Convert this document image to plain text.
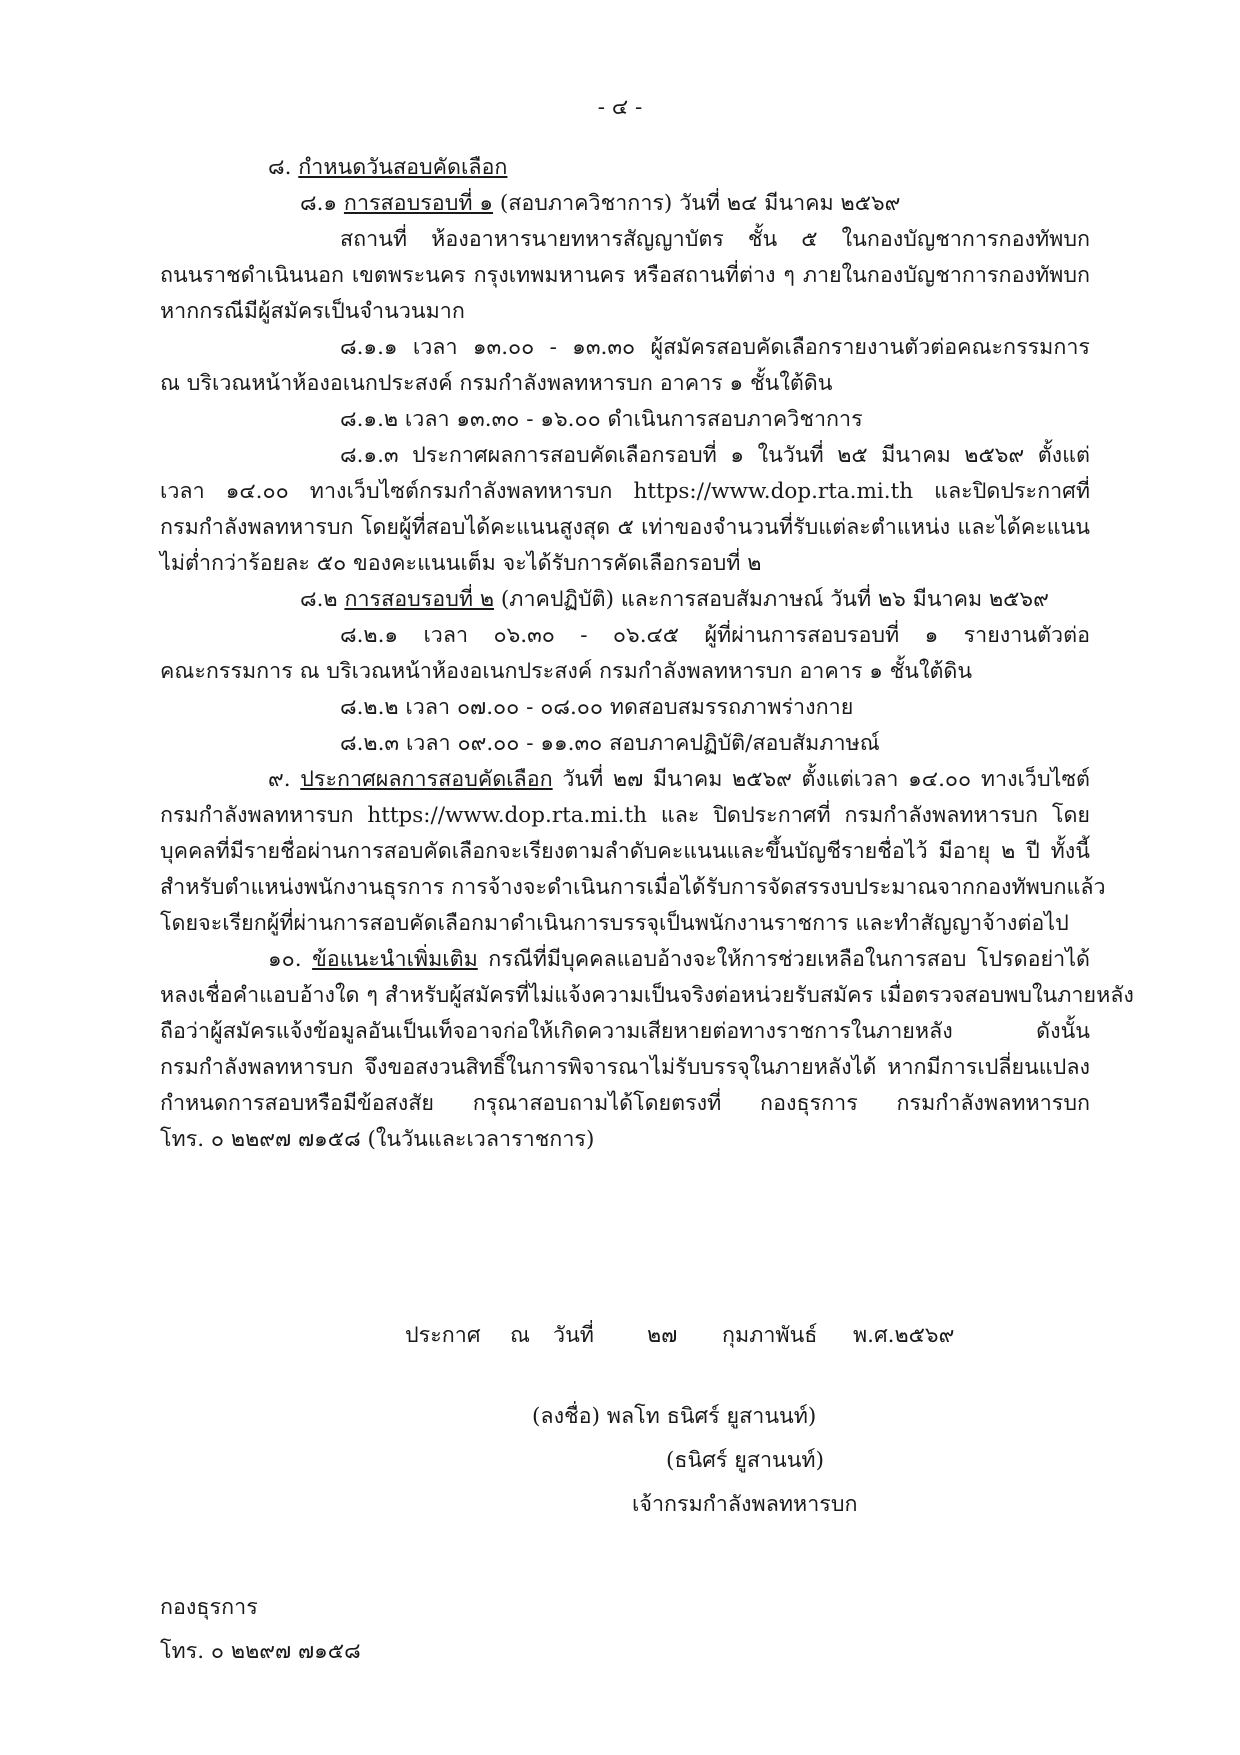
- ๔ -
๘. กำหนดวันสอบคัดเลือก
๘.๑ การสอบรอบที่ ๑ (สอบภาควิชาการ) วันที่ ๒๔ มีนาคม ๒๕๖๙
สถานที่ ห้องอาหารนายทหารสัญญาบัตร ชั้น ๕ ในกองบัญชาการกองทัพบก
ถนนราชดำเนินนอก เขตพระนคร กรุงเทพมหานคร หรือสถานที่ต่าง ๆ ภายในกองบัญชาการกองทัพบก
หากกรณีมีผู้สมัครเป็นจำนวนมาก
๘.๑.๑ เวลา ๑๓.๐๐ - ๑๓.๓๐ ผู้สมัครสอบคัดเลือกรายงานตัวต่อคณะกรรมการ
ณ บริเวณหน้าห้องอเนกประสงค์ กรมกำลังพลทหารบก อาคาร ๑ ชั้นใต้ดิน
๘.๑.๒ เวลา ๑๓.๓๐ - ๑๖.๐๐ ดำเนินการสอบภาควิชาการ
๘.๑.๓ ประกาศผลการสอบคัดเลือกรอบที่ ๑ ในวันที่ ๒๕ มีนาคม ๒๕๖๙ ตั้งแต่
เวลา ๑๔.๐๐ ทางเว็บไซต์กรมกำลังพลทหารบก https://www.dop.rta.mi.th และปิดประกาศที่
กรมกำลังพลทหารบก โดยผู้ที่สอบได้คะแนนสูงสุด ๕ เท่าของจำนวนที่รับแต่ละตำแหน่ง และได้คะแนน
ไม่ต่ำกว่าร้อยละ ๕๐ ของคะแนนเต็ม จะได้รับการคัดเลือกรอบที่ ๒
๘.๒ การสอบรอบที่ ๒ (ภาคปฏิบัติ) และการสอบสัมภาษณ์ วันที่ ๒๖ มีนาคม ๒๕๖๙
๘.๒.๑ เวลา ๐๖.๓๐ - ๐๖.๔๕ ผู้ที่ผ่านการสอบรอบที่ ๑ รายงานตัวต่อ
คณะกรรมการ ณ บริเวณหน้าห้องอเนกประสงค์ กรมกำลังพลทหารบก อาคาร ๑ ชั้นใต้ดิน
๘.๒.๒ เวลา ๐๗.๐๐ - ๐๘.๐๐ ทดสอบสมรรถภาพร่างกาย
๘.๒.๓ เวลา ๐๙.๐๐ - ๑๑.๓๐ สอบภาคปฏิบัติ/สอบสัมภาษณ์
๙. ประกาศผลการสอบคัดเลือก วันที่ ๒๗ มีนาคม ๒๕๖๙ ตั้งแต่เวลา ๑๔.๐๐ ทางเว็บไซต์
กรมกำลังพลทหารบก https://www.dop.rta.mi.th และ ปิดประกาศที่ กรมกำลังพลทหารบก โดย
บุคคลที่มีรายชื่อผ่านการสอบคัดเลือกจะเรียงตามลำดับคะแนนและขึ้นบัญชีรายชื่อไว้ มีอายุ ๒ ปี ทั้งนี้
สำหรับตำแหน่งพนักงานธุรการ การจ้างจะดำเนินการเมื่อได้รับการจัดสรรงบประมาณจากกองทัพบกแล้ว
โดยจะเรียกผู้ที่ผ่านการสอบคัดเลือกมาดำเนินการบรรจุเป็นพนักงานราชการ และทำสัญญาจ้างต่อไป
๑๐. ข้อแนะนำเพิ่มเติม กรณีที่มีบุคคลแอบอ้างจะให้การช่วยเหลือในการสอบ โปรดอย่าได้
หลงเชื่อคำแอบอ้างใด ๆ สำหรับผู้สมัครที่ไม่แจ้งความเป็นจริงต่อหน่วยรับสมัคร เมื่อตรวจสอบพบในภายหลัง
ถือว่าผู้สมัครแจ้งข้อมูลอันเป็นเท็จอาจก่อให้เกิดความเสียหายต่อทางราชการในภายหลัง ดังนั้น
กรมกำลังพลทหารบก จึงขอสงวนสิทธิ์ในการพิจารณาไม่รับบรรจุในภายหลังได้ หากมีการเปลี่ยนแปลง
กำหนดการสอบหรือมีข้อสงสัย กรุณาสอบถามได้โดยตรงที่ กองธุรการ กรมกำลังพลทหารบก
โทร. ๐ ๒๒๙๗ ๗๑๕๘ (ในวันและเวลาราชการ)
ประกาศ ณ วันที่ ๒๗ กุมภาพันธ์ พ.ศ.๒๕๖๙
(ลงชื่อ) พลโท ธนิศร์ ยูสานนท์)
(ธนิศร์ ยูสานนท์)
เจ้ากรมกำลังพลทหารบก
กองธุรการ
โทร. ๐ ๒๒๙๗ ๗๑๕๘
